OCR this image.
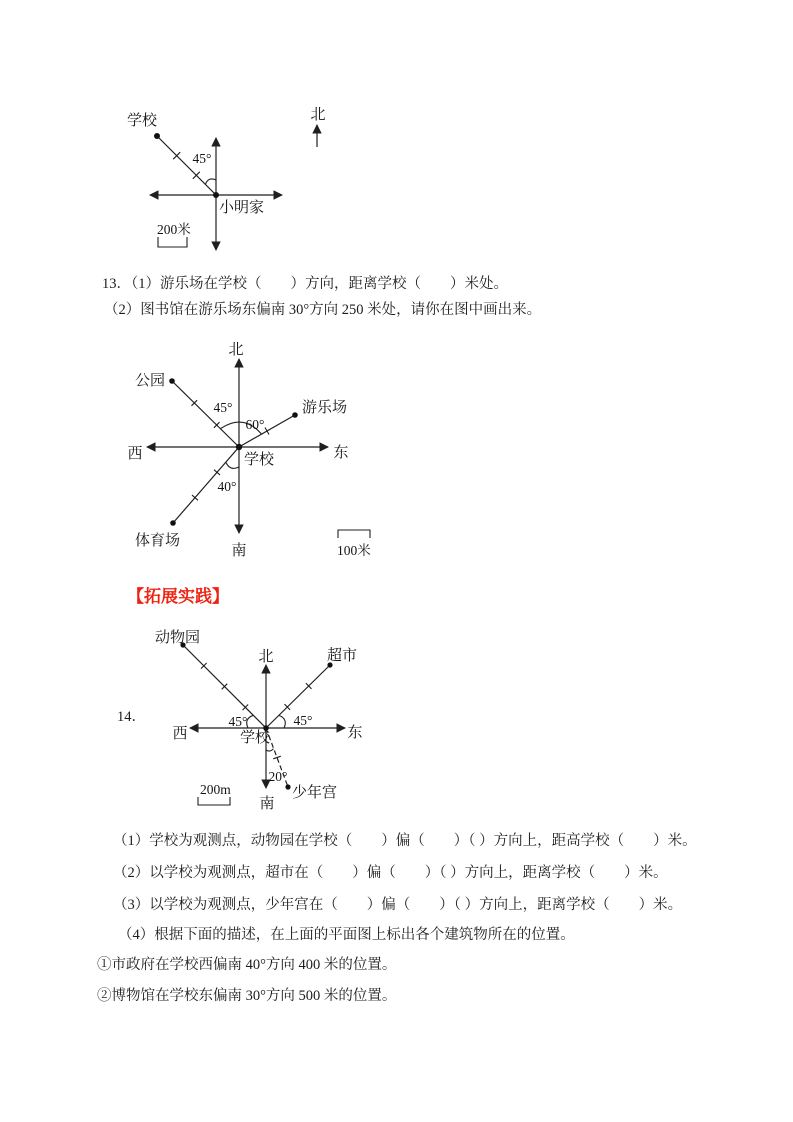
学校
45°
小明家
200米
北
13．（1）游乐场在学校（　　）方向，距离学校（　　）米处。
（2）图书馆在游乐场东偏南 30°方向 250 米处，请你在图中画出来。
北
南
西	东
公园
游乐场
体育场
学校
45°
60°
40°
100米
【拓展实践】
14．
动物园
北	超市
西	东
学校
少年宫
南
45°	45°
20°
200m
（1）学校为观测点，动物园在学校（　　）偏（　　）（ ）方向上，距高学校（　　）米。
（2）以学校为观测点，超市在（　　）偏（　　）（ ）方向上，距离学校（　　）米。
（3）以学校为观测点，少年宫在（　　）偏（　　）（ ）方向上，距离学校（　　）米。
（4）根据下面的描述，在上面的平面图上标出各个建筑物所在的位置。
①市政府在学校西偏南 40°方向 400 米的位置。
②博物馆在学校东偏南 30°方向 500 米的位置。
